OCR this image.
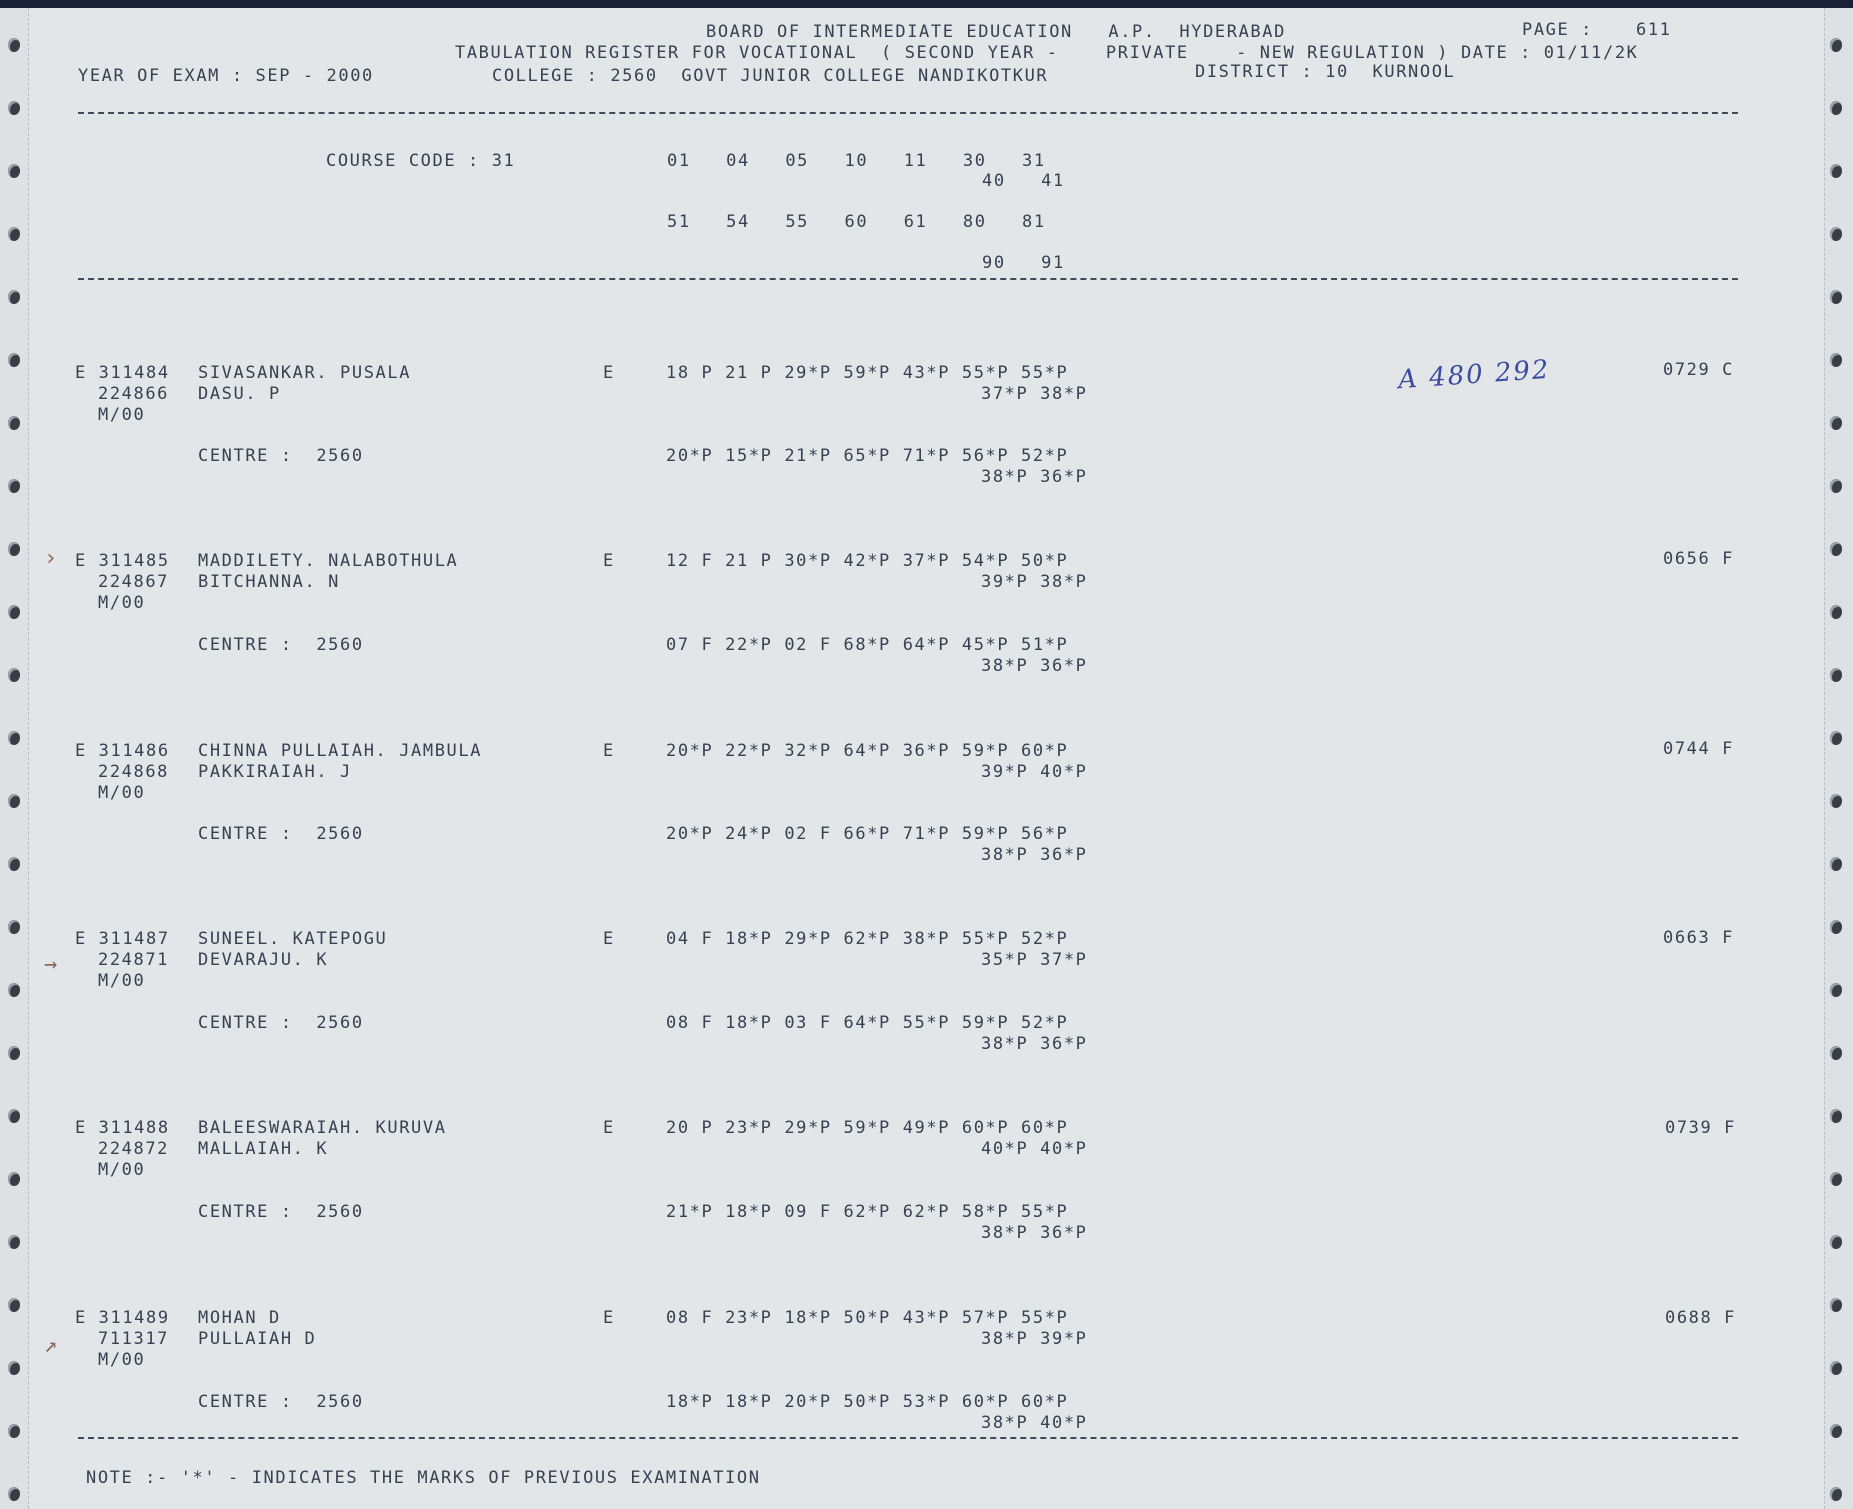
BOARD OF INTERMEDIATE EDUCATION   A.P.  HYDERABAD	PAGE :	611
TABULATION REGISTER FOR VOCATIONAL  ( SECOND YEAR -    PRIVATE    - NEW REGULATION ) DATE : 01/11/2K
YEAR OF EXAM : SEP - 2000	COLLEGE : 2560  GOVT JUNIOR COLLEGE NANDIKOTKUR	DISTRICT : 10  KURNOOL
COURSE CODE : 31	01   04   05   10   11   30   31
40   41
51   54   55   60   61   80   81
90   91
A 480 292
E 311484 SIVASANKAR. PUSALA	E	18 P 21 P 29*P 59*P 43*P 55*P 55*P	0729 C
224866 DASU. P	37*P 38*P
M/00
CENTRE :  2560	20*P 15*P 21*P 65*P 71*P 56*P 52*P
38*P 36*P
› E 311485 MADDILETY. NALABOTHULA	E	12 F 21 P 30*P 42*P 37*P 54*P 50*P	0656 F
224867 BITCHANNA. N	39*P 38*P
M/00
CENTRE :  2560	07 F 22*P 02 F 68*P 64*P 45*P 51*P
38*P 36*P
E 311486 CHINNA PULLAIAH. JAMBULA	E	20*P 22*P 32*P 64*P 36*P 59*P 60*P	0744 F
224868 PAKKIRAIAH. J	39*P 40*P
M/00
CENTRE :  2560	20*P 24*P 02 F 66*P 71*P 59*P 56*P
38*P 36*P
→
E 311487 SUNEEL. KATEPOGU	E	04 F 18*P 29*P 62*P 38*P 55*P 52*P	0663 F
224871 DEVARAJU. K	35*P 37*P
M/00
CENTRE :  2560	08 F 18*P 03 F 64*P 55*P 59*P 52*P
38*P 36*P
E 311488 BALEESWARAIAH. KURUVA	E	20 P 23*P 29*P 59*P 49*P 60*P 60*P	0739 F
224872 MALLAIAH. K	40*P 40*P
M/00
CENTRE :  2560	21*P 18*P 09 F 62*P 62*P 58*P 55*P
38*P 36*P
↗
E 311489 MOHAN D	E	08 F 23*P 18*P 50*P 43*P 57*P 55*P	0688 F
711317 PULLAIAH D	38*P 39*P
M/00
CENTRE :  2560	18*P 18*P 20*P 50*P 53*P 60*P 60*P
38*P 40*P
NOTE :- '*' - INDICATES THE MARKS OF PREVIOUS EXAMINATION
